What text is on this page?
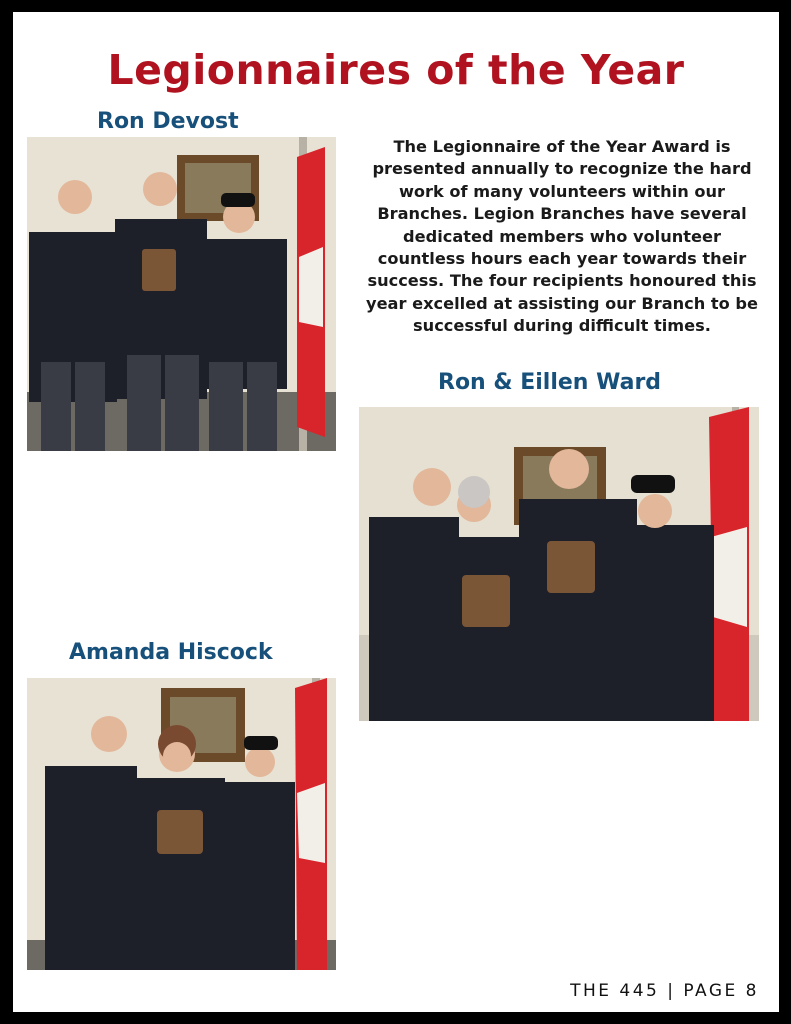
Legionnaires of the Year
Ron Devost
The Legionnaire of the Year Award is presented annually to recognize the hard work of many volunteers within our Branches. Legion Branches have several dedicated members who volunteer countless hours each year towards their success. The four recipients honoured this year excelled at assisting our Branch to be successful during difficult times.
Ron & Eillen Ward
Amanda Hiscock
THE 445 | PAGE 8
